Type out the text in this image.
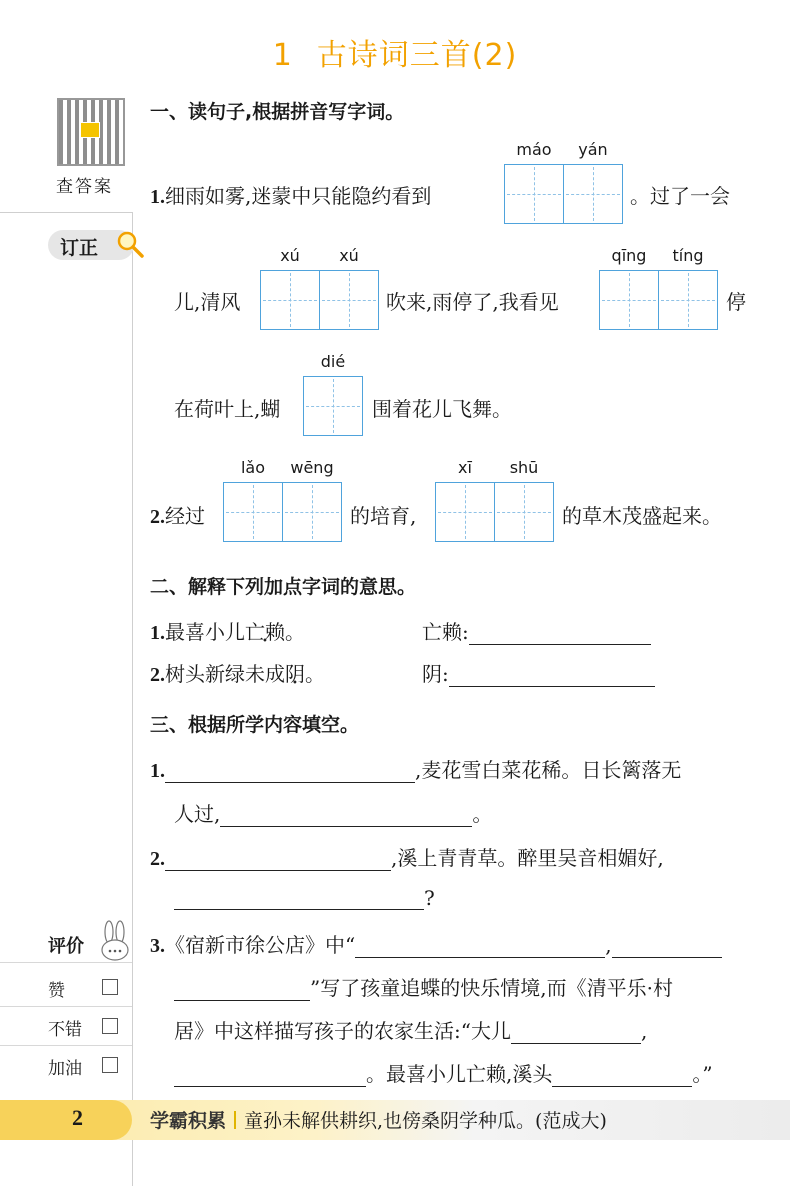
1 古诗词三首(2)
查答案
订正
评价
赞
不错
加油
一、读句子,根据拼音写字词。
1.细雨如雾,迷蒙中只能隐约看到
máo	yán
。过了一会
儿,清风
xú	xú
吹来,雨停了,我看见
qīng	tíng
停
在荷叶上,蝴
dié
围着花儿飞舞。
2.经过
lǎo	wēng
的培育,
xī	shū
的草木茂盛起来。
二、解释下列加点字词的意思。
1.最喜小儿亡赖。	亡赖:
2.树头新绿未成阴。	阴:
三、根据所学内容填空。
1.	,麦花雪白菜花稀。日长篱落无
人过,	。
2.	,溪上青青草。醉里吴音相媚好,
?
3.《宿新市徐公店》中“	,
”写了孩童追蝶的快乐情境,而《清平乐·村
居》中这样描写孩子的农家生活:“大儿	,
。最喜小儿亡赖,溪头	。”
2	学霸积累 童孙未解供耕织,也傍桑阴学种瓜。(范成大)
